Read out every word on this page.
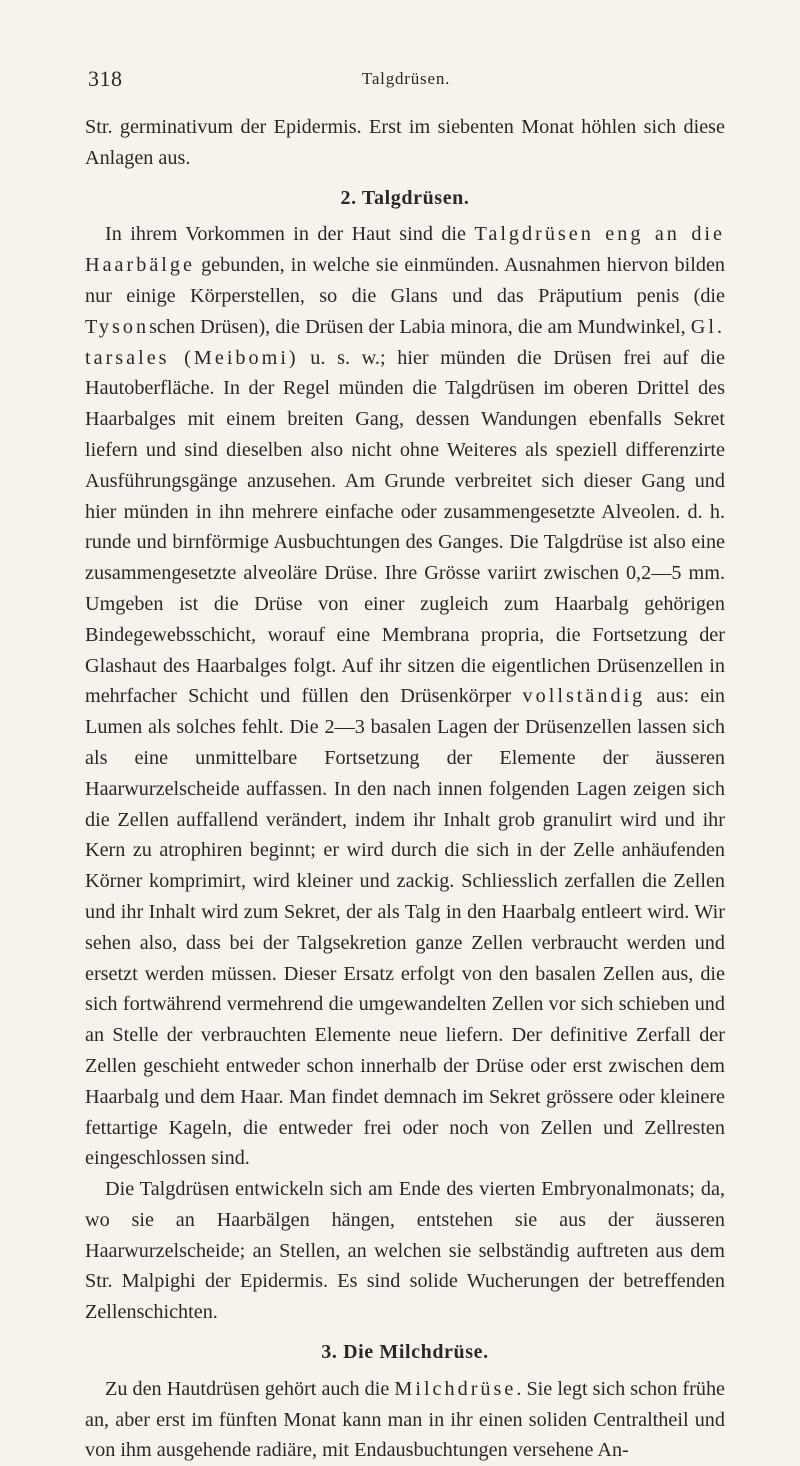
318	Talgdrüsen.

Str. germinativum der Epidermis. Erst im siebenten Monat höhlen sich diese Anlagen aus.

2. Talgdrüsen.

In ihrem Vorkommen in der Haut sind die Talgdrüsen eng an die Haarbälge gebunden, in welche sie einmünden. Ausnahmen hiervon bilden nur einige Körperstellen, so die Glans und das Präputium penis (die Tysonschen Drüsen), die Drüsen der Labia minora, die am Mundwinkel, Gl. tarsales (Meibomi) u. s. w.; hier münden die Drüsen frei auf die Hautoberfläche. In der Regel münden die Talgdrüsen im oberen Drittel des Haarbalges mit einem breiten Gang, dessen Wandungen ebenfalls Sekret liefern und sind dieselben also nicht ohne Weiteres als speziell differenzirte Ausführungsgänge anzusehen. Am Grunde verbreitet sich dieser Gang und hier münden in ihn mehrere einfache oder zusammengesetzte Alveolen. d. h. runde und birnförmige Ausbuchtungen des Ganges. Die Talgdrüse ist also eine zusammengesetzte alveoläre Drüse. Ihre Grösse variirt zwischen 0,2—5 mm. Umgeben ist die Drüse von einer zugleich zum Haarbalg gehörigen Bindegewebsschicht, worauf eine Membrana propria, die Fortsetzung der Glashaut des Haarbalges folgt. Auf ihr sitzen die eigentlichen Drüsenzellen in mehrfacher Schicht und füllen den Drüsenkörper vollständig aus: ein Lumen als solches fehlt. Die 2—3 basalen Lagen der Drüsenzellen lassen sich als eine unmittelbare Fortsetzung der Elemente der äusseren Haarwurzelscheide auffassen. In den nach innen folgenden Lagen zeigen sich die Zellen auffallend verändert, indem ihr Inhalt grob granulirt wird und ihr Kern zu atrophiren beginnt; er wird durch die sich in der Zelle anhäufenden Körner komprimirt, wird kleiner und zackig. Schliesslich zerfallen die Zellen und ihr Inhalt wird zum Sekret, der als Talg in den Haarbalg entleert wird. Wir sehen also, dass bei der Talgsekretion ganze Zellen verbraucht werden und ersetzt werden müssen. Dieser Ersatz erfolgt von den basalen Zellen aus, die sich fortwährend vermehrend die umgewandelten Zellen vor sich schieben und an Stelle der verbrauchten Elemente neue liefern. Der definitive Zerfall der Zellen geschieht entweder schon innerhalb der Drüse oder erst zwischen dem Haarbalg und dem Haar. Man findet demnach im Sekret grössere oder kleinere fettartige Kageln, die entweder frei oder noch von Zellen und Zellresten eingeschlossen sind.

Die Talgdrüsen entwickeln sich am Ende des vierten Embryonalmonats; da, wo sie an Haarbälgen hängen, entstehen sie aus der äusseren Haarwurzelscheide; an Stellen, an welchen sie selbständig auftreten aus dem Str. Malpighi der Epidermis. Es sind solide Wucherungen der betreffenden Zellenschichten.

3. Die Milchdrüse.

Zu den Hautdrüsen gehört auch die Milchdrüse. Sie legt sich schon frühe an, aber erst im fünften Monat kann man in ihr einen soliden Centraltheil und von ihm ausgehende radiäre, mit Endausbuchtungen versehene An-
